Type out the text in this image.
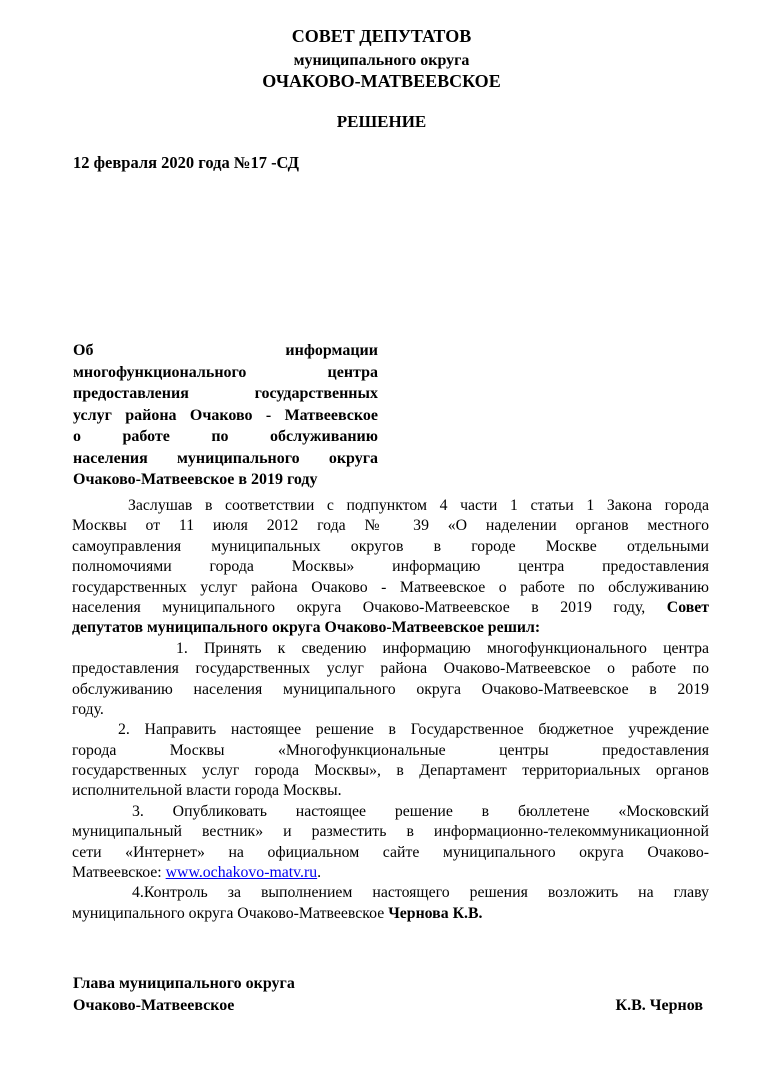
СОВЕТ ДЕПУТАТОВ
муниципального округа
ОЧАКОВО-МАТВЕЕВСКОЕ
РЕШЕНИЕ
12 февраля 2020 года №17 -СД
Об информации
многофункционального центра
предоставления государственных
услуг района Очаково - Матвеевское
о работе по обслуживанию
населения муниципального округа
Очаково-Матвеевское в 2019 году
Заслушав в соответствии с подпунктом 4 части 1 статьи 1 Закона города
Москвы от 11 июля 2012 года № 39 «О наделении органов местного
самоуправления муниципальных округов в городе Москве отдельными
полномочиями города Москвы» информацию центра предоставления
государственных услуг района Очаково - Матвеевское о работе по обслуживанию
населения муниципального округа Очаково-Матвеевское в 2019 году, Совет
депутатов муниципального округа Очаково-Матвеевское решил:
1. Принять к сведению информацию многофункционального центра
предоставления государственных услуг района Очаково-Матвеевское о работе по
обслуживанию населения муниципального округа Очаково-Матвеевское в 2019
году.
2. Направить настоящее решение в Государственное бюджетное учреждение
города Москвы «Многофункциональные центры предоставления
государственных услуг города Москвы», в Департамент территориальных органов
исполнительной власти города Москвы.
3. Опубликовать настоящее решение в бюллетене «Московский
муниципальный вестник» и разместить в информационно-телекоммуникационной
сети «Интернет» на официальном сайте муниципального округа Очаково-
Матвеевское: www.ochakovo-matv.ru.
4.Контроль за выполнением настоящего решения возложить на главу
муниципального округа Очаково-Матвеевское Чернова К.В.
Глава муниципального округа
Очаково-Матвеевское	К.В. Чернов
